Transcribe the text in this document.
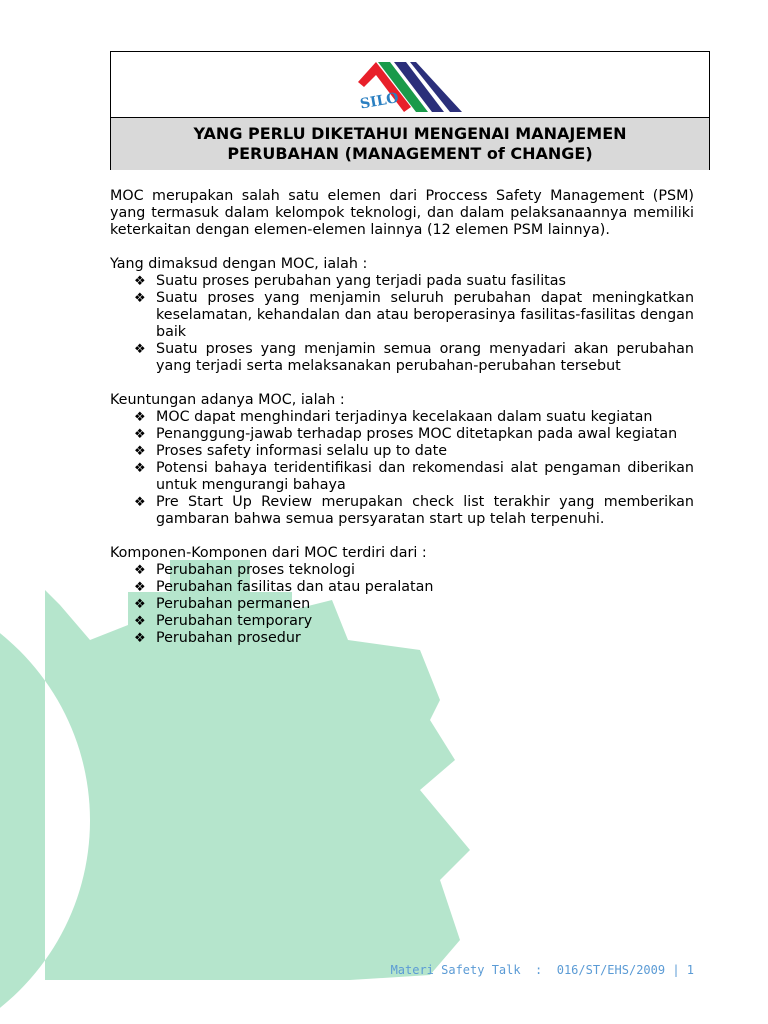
SILO
YANG PERLU DIKETAHUI MENGENAI MANAJEMEN
PERUBAHAN (MANAGEMENT of CHANGE)

MOC merupakan salah satu elemen dari Proccess Safety Management (PSM) yang termasuk dalam kelompok teknologi, dan dalam pelaksanaannya memiliki keterkaitan dengan elemen-elemen lainnya (12 elemen PSM lainnya).

Yang dimaksud dengan MOC, ialah :

❖ Suatu proses perubahan yang terjadi pada suatu fasilitas
❖ Suatu proses yang menjamin seluruh perubahan dapat meningkatkan keselamatan, kehandalan dan atau beroperasinya fasilitas-fasilitas dengan baik
❖ Suatu proses yang menjamin semua orang menyadari akan perubahan yang terjadi serta melaksanakan perubahan-perubahan tersebut

Keuntungan adanya MOC, ialah :

❖ MOC dapat menghindari terjadinya kecelakaan dalam suatu kegiatan
❖ Penanggung-jawab terhadap proses MOC ditetapkan pada awal kegiatan
❖ Proses safety informasi selalu up to date
❖ Potensi bahaya teridentifikasi dan rekomendasi alat pengaman diberikan untuk mengurangi bahaya
❖ Pre Start Up Review merupakan check list terakhir yang memberikan gambaran bahwa semua persyaratan start up telah terpenuhi.

Komponen-Komponen dari MOC terdiri dari :

❖ Perubahan proses teknologi
❖ Perubahan fasilitas dan atau peralatan
❖ Perubahan permanen
❖ Perubahan temporary
❖ Perubahan prosedur
Materi Safety Talk  :  016/ST/EHS/2009 | 1
